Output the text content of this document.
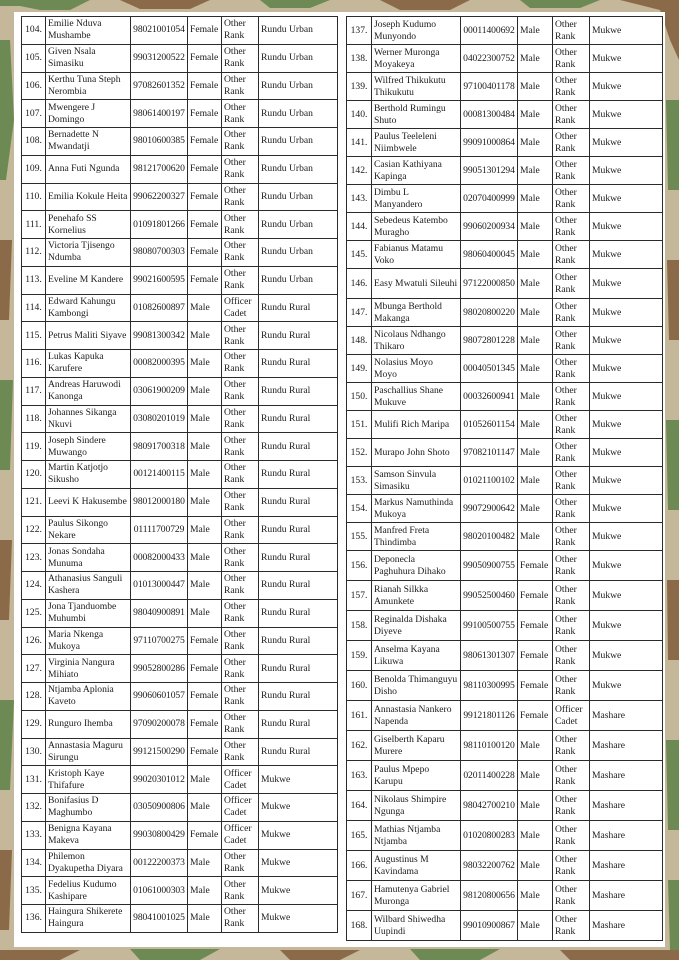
104.	Emilie Nduva Mushambe	98021001054	Female	Other Rank	Rundu Urban
105.	Given Nsala Simasiku	99031200522	Female	Other Rank	Rundu Urban
106.	Kerthu Tuna Steph Nerombia	97082601352	Female	Other Rank	Rundu Urban
107.	Mwengere J Domingo	98061400197	Female	Other Rank	Rundu Urban
108.	Bernadette N Mwandatji	98010600385	Female	Other Rank	Rundu Urban
109.	Anna Futi Ngunda	98121700620	Female	Other Rank	Rundu Urban
110.	Emilia Kokule Heita	99062200327	Female	Other Rank	Rundu Urban
111.	Penehafo SS Kornelius	01091801266	Female	Other Rank	Rundu Urban
112.	Victoria Tjisengo Ndumba	98080700303	Female	Other Rank	Rundu Urban
113.	Eveline M Kandere	99021600595	Female	Other Rank	Rundu Urban
114.	Edward Kahungu Kambongi	01082600897	Male	Officer Cadet	Rundu Rural
115.	Petrus Maliti Siyave	99081300342	Male	Other Rank	Rundu Rural
116.	Lukas Kapuka Karufere	00082000395	Male	Other Rank	Rundu Rural
117.	Andreas Haruwodi Kanonga	03061900209	Male	Other Rank	Rundu Rural
118.	Johannes Sikanga Nkuvi	03080201019	Male	Other Rank	Rundu Rural
119.	Joseph Sindere Muwango	98091700318	Male	Other Rank	Rundu Rural
120.	Martin Katjotjo Sikusho	00121400115	Male	Other Rank	Rundu Rural
121.	Leevi K Hakusembe	98012000180	Male	Other Rank	Rundu Rural
122.	Paulus Sikongo Nekare	01111700729	Male	Other Rank	Rundu Rural
123.	Jonas Sondaha Munuma	00082000433	Male	Other Rank	Rundu Rural
124.	Athanasius Sanguli Kashera	01013000447	Male	Other Rank	Rundu Rural
125.	Jona Tjanduombe Muhumbi	98040900891	Male	Other Rank	Rundu Rural
126.	Maria Nkenga Mukoya	97110700275	Female	Other Rank	Rundu Rural
127.	Virginia Nangura Mihiato	99052800286	Female	Other Rank	Rundu Rural
128.	Ntjamba Aplonia Kaveto	99060601057	Female	Other Rank	Rundu Rural
129.	Runguro Ihemba	97090200078	Female	Other Rank	Rundu Rural
130.	Annastasia Maguru Sirungu	99121500290	Female	Other Rank	Rundu Rural
131.	Kristoph Kaye Thifafure	99020301012	Male	Officer Cadet	Mukwe
132.	Bonifasius D Maghumbo	03050900806	Male	Officer Cadet	Mukwe
133.	Benigna Kayana Makeva	99030800429	Female	Officer Cadet	Mukwe
134.	Philemon Dyakupetha Diyara	00122200373	Male	Other Rank	Mukwe
135.	Fedelius Kudumo Kashipare	01061000303	Male	Other Rank	Mukwe
136.	Haingura Shikerete Haingura	98041001025	Male	Other Rank	Mukwe
137.	Joseph Kudumo Munyondo	00011400692	Male	Other Rank	Mukwe
138.	Werner Muronga Moyakeya	04022300752	Male	Other Rank	Mukwe
139.	Wilfred Thikukutu Thikukutu	97100401178	Male	Other Rank	Mukwe
140.	Berthold Rumingu Shuto	00081300484	Male	Other Rank	Mukwe
141.	Paulus Teeleleni Niimbwele	99091000864	Male	Other Rank	Mukwe
142.	Casian Kathiyana Kapinga	99051301294	Male	Other Rank	Mukwe
143.	Dimbu L Manyandero	02070400999	Male	Other Rank	Mukwe
144.	Sebedeus Katembo Muragho	99060200934	Male	Other Rank	Mukwe
145.	Fabianus Matamu Voko	98060400045	Male	Other Rank	Mukwe
146.	Easy Mwatuli Sileuhi	97122000850	Male	Other Rank	Mukwe
147.	Mbunga Berthold Makanga	98020800220	Male	Other Rank	Mukwe
148.	Nicolaus Ndhango Thikaro	98072801228	Male	Other Rank	Mukwe
149.	Nolasius Moyo Moyo	00040501345	Male	Other Rank	Mukwe
150.	Paschallius Shane Mukuve	00032600941	Male	Other Rank	Mukwe
151.	Mulifi Rich Maripa	01052601154	Male	Other Rank	Mukwe
152.	Murapo John Shoto	97082101147	Male	Other Rank	Mukwe
153.	Samson Sinvula Simasiku	01021100102	Male	Other Rank	Mukwe
154.	Markus Namuthinda Mukoya	99072900642	Male	Other Rank	Mukwe
155.	Manfred Freta Thindimba	98020100482	Male	Other Rank	Mukwe
156.	Deponecla Paghuhura Dihako	99050900755	Female	Other Rank	Mukwe
157.	Rianah Silkka Amunkete	99052500460	Female	Other Rank	Mukwe
158.	Reginalda Dishaka Diyeve	99100500755	Female	Other Rank	Mukwe
159.	Anselma Kayana Likuwa	98061301307	Female	Other Rank	Mukwe
160.	Benolda Thimanguyu Disho	98110300995	Female	Other Rank	Mukwe
161.	Annastasia Nankero Napenda	99121801126	Female	Officer Cadet	Mashare
162.	Giselberth Kaparu Murere	98110100120	Male	Other Rank	Mashare
163.	Paulus Mpepo Karupu	02011400228	Male	Other Rank	Mashare
164.	Nikolaus Shimpire Ngunga	98042700210	Male	Other Rank	Mashare
165.	Mathias Ntjamba Ntjamba	01020800283	Male	Other Rank	Mashare
166.	Augustinus M Kavindama	98032200762	Male	Other Rank	Mashare
167.	Hamutenya Gabriel Muronga	98120800656	Male	Other Rank	Mashare
168.	Wilbard Shiwedha Uupindi	99010900867	Male	Other Rank	Mashare
